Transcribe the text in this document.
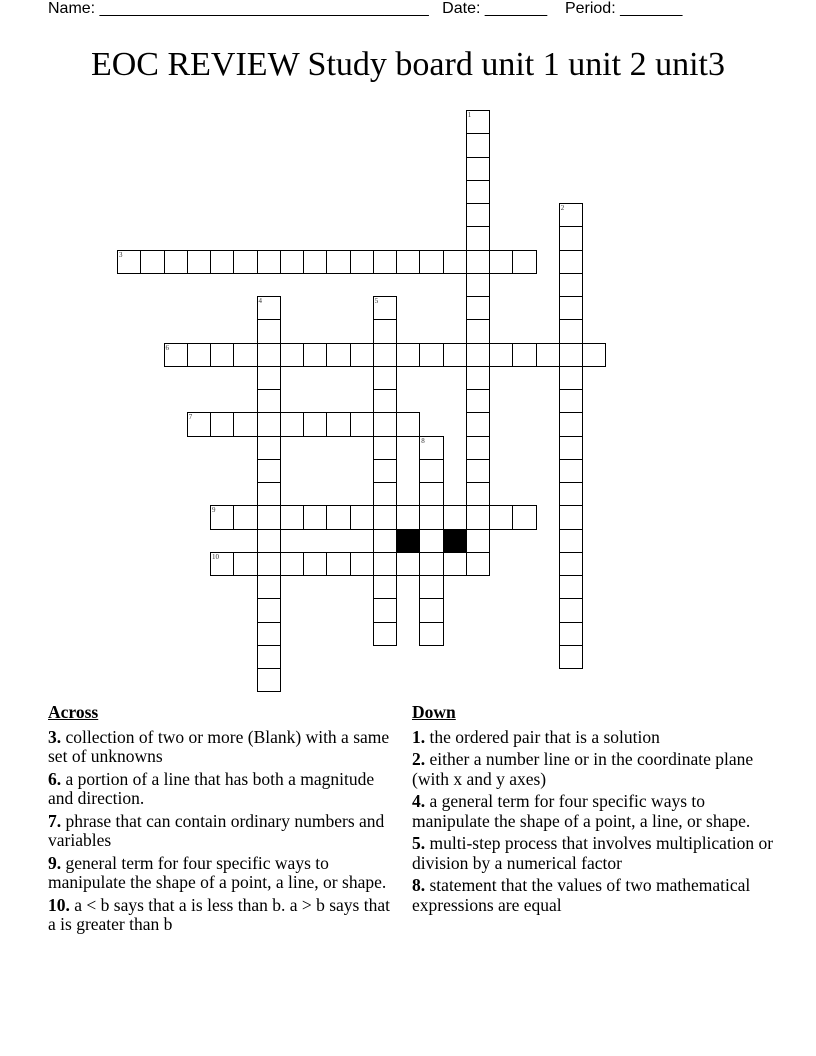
Name: _____________________________________ Date: _______ Period: _______
EOC REVIEW Study board unit 1 unit 2 unit3
1
2
3
4	5
6
7
8
9
10
Across
3. collection of two or more (Blank) with a same set of unknowns
6. a portion of a line that has both a magnitude and direction.
7. phrase that can contain ordinary numbers and variables
9. general term for four specific ways to manipulate the shape of a point, a line, or shape.
10. a < b says that a is less than b. a > b says that a is greater than b
Down
1. the ordered pair that is a solution
2. either a number line or in the coordinate plane (with x and y axes)
4. a general term for four specific ways to manipulate the shape of a point, a line, or shape.
5. multi-step process that involves multiplication or division by a numerical factor
8. statement that the values of two mathematical expressions are equal
